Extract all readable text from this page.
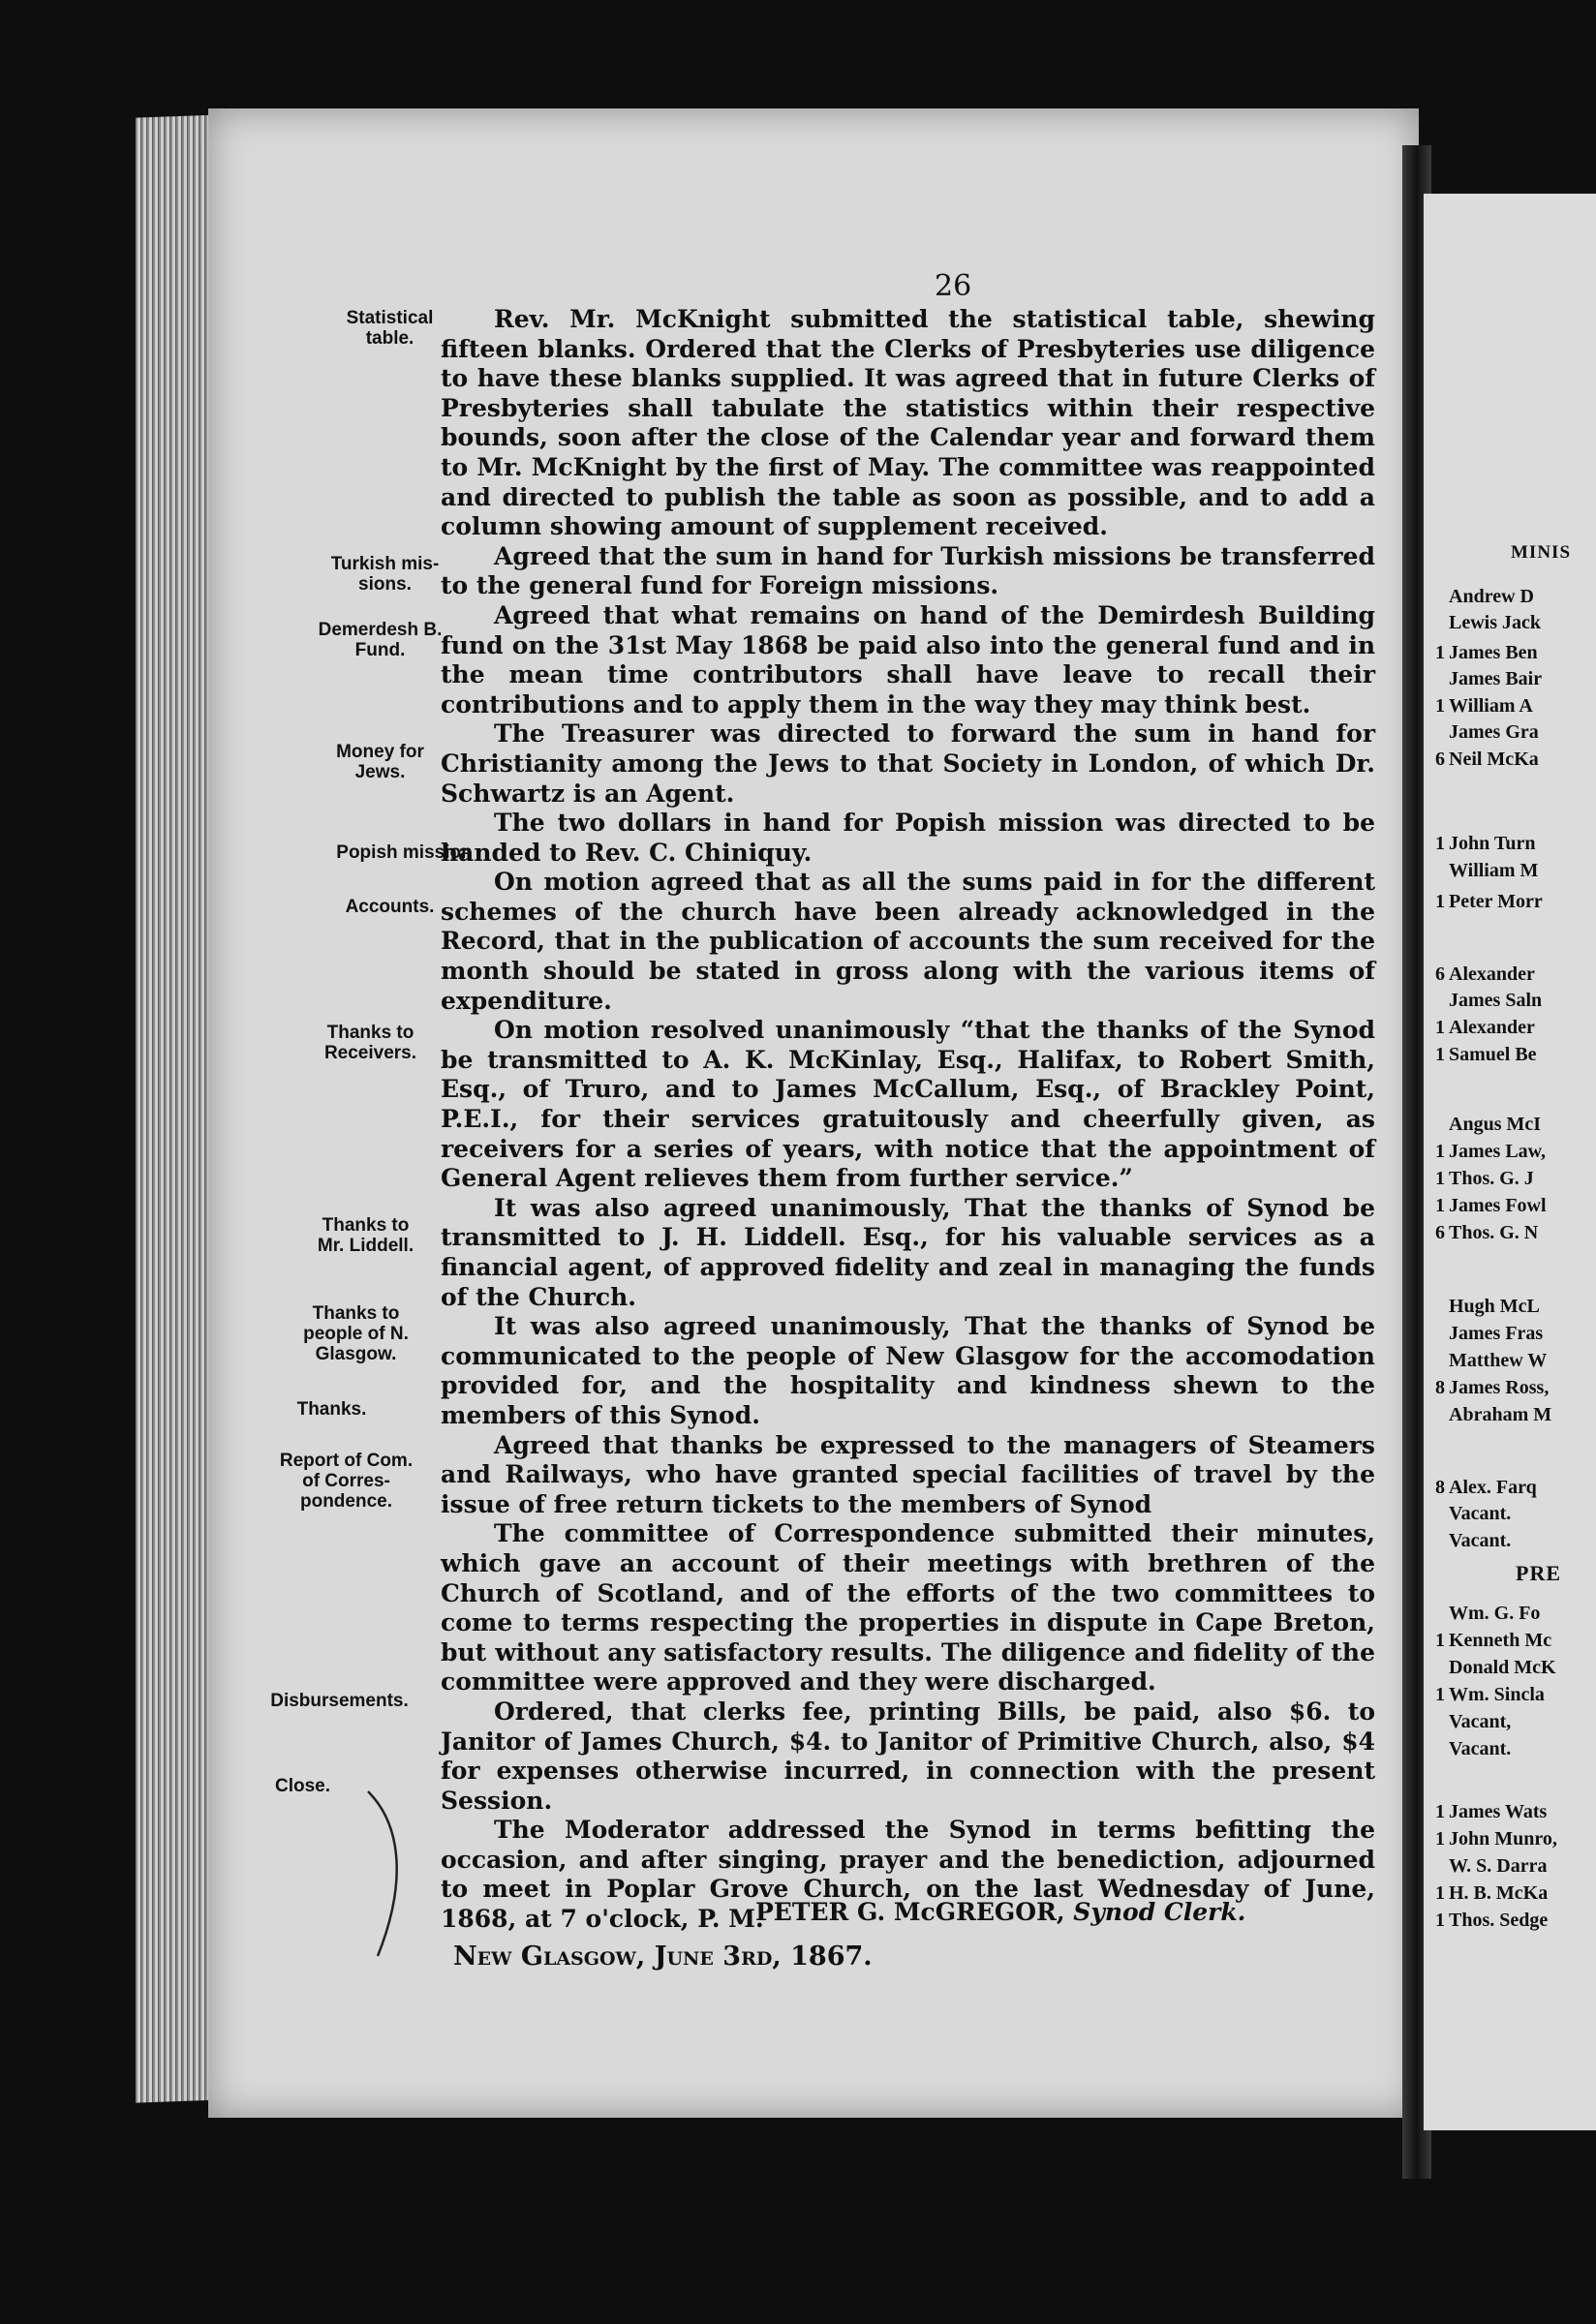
MINIS
PRE
Andrew D
Lewis Jack
1 James Ben
James Bair
1 William A
James Gra
6 Neil McKa
1 John Turn
William M
1 Peter Morr
6 Alexander
James Saln
1 Alexander
1 Samuel Be
Angus McI
1 James Law,
1 Thos. G. J
1 James Fowl
6 Thos. G. N
Hugh McL
James Fras
Matthew W
8 James Ross,
Abraham M
8 Alex. Farq
Vacant.
Vacant.
Wm. G. Fo
1 Kenneth Mc
Donald McK
1 Wm. Sincla
Vacant,
Vacant.
1 James Wats
1 John Munro,
W. S. Darra
1 H. B. McKa
1 Thos. Sedge
26
Statistical
table.
Turkish mis-
sions.
Demerdesh B.
Fund.
Money for
Jews.
Popish mission
Accounts.
Thanks to
Receivers.
Thanks to
Mr. Liddell.
Thanks to
people of N.
Glasgow.
Thanks.
Report of Com.
of Corres-
pondence.
Disbursements.
Close.

Rev. Mr. McKnight submitted the statistical table, shewing fifteen blanks. Ordered that the Clerks of Presbyteries use diligence to have these blanks supplied. It was agreed that in future Clerks of Presbyteries shall tabulate the statistics within their respective bounds, soon after the close of the Calendar year and forward them to Mr. McKnight by the first of May. The committee was reappointed and directed to publish the table as soon as possible, and to add a column showing amount of supplement received.

Agreed that the sum in hand for Turkish missions be transferred to the general fund for Foreign missions.

Agreed that what remains on hand of the Demirdesh Building fund on the 31st May 1868 be paid also into the general fund and in the mean time contributors shall have leave to recall their contributions and to apply them in the way they may think best.

The Treasurer was directed to forward the sum in hand for Christianity among the Jews to that Society in London, of which Dr. Schwartz is an Agent.

The two dollars in hand for Popish mission was directed to be handed to Rev. C. Chiniquy.

On motion agreed that as all the sums paid in for the different schemes of the church have been already acknowledged in the Record, that in the publication of accounts the sum received for the month should be stated in gross along with the various items of expenditure.

On motion resolved unanimously “that the thanks of the Synod be transmitted to A. K. McKinlay, Esq., Halifax, to Robert Smith, Esq., of Truro, and to James McCallum, Esq., of Brackley Point, P.E.I., for their services gratuitously and cheerfully given, as receivers for a series of years, with notice that the appointment of General Agent relieves them from further service.”

It was also agreed unanimously, That the thanks of Synod be transmitted to J. H. Liddell. Esq., for his valuable services as a financial agent, of approved fidelity and zeal in managing the funds of the Church.

It was also agreed unanimously, That the thanks of Synod be communicated to the people of New Glasgow for the accomodation provided for, and the hospitality and kindness shewn to the members of this Synod.

Agreed that thanks be expressed to the managers of Steamers and Railways, who have granted special facilities of travel by the issue of free return tickets to the members of Synod

The committee of Correspondence submitted their minutes, which gave an account of their meetings with brethren of the Church of Scotland, and of the efforts of the two committees to come to terms respecting the properties in dispute in Cape Breton, but without any satisfactory results. The diligence and fidelity of the committee were approved and they were discharged.

Ordered, that clerks fee, printing Bills, be paid, also $6. to Janitor of James Church, $4. to Janitor of Primitive Church, also, $4 for expenses otherwise incurred, in connection with the present Session.

The Moderator addressed the Synod in terms befitting the occasion, and after singing, prayer and the benediction, adjourned to meet in Poplar Grove Church, on the last Wednesday of June, 1868, at 7 o'clock, P. M.

PETER G. McGREGOR, Synod Clerk.
New Glasgow, June 3rd, 1867.
